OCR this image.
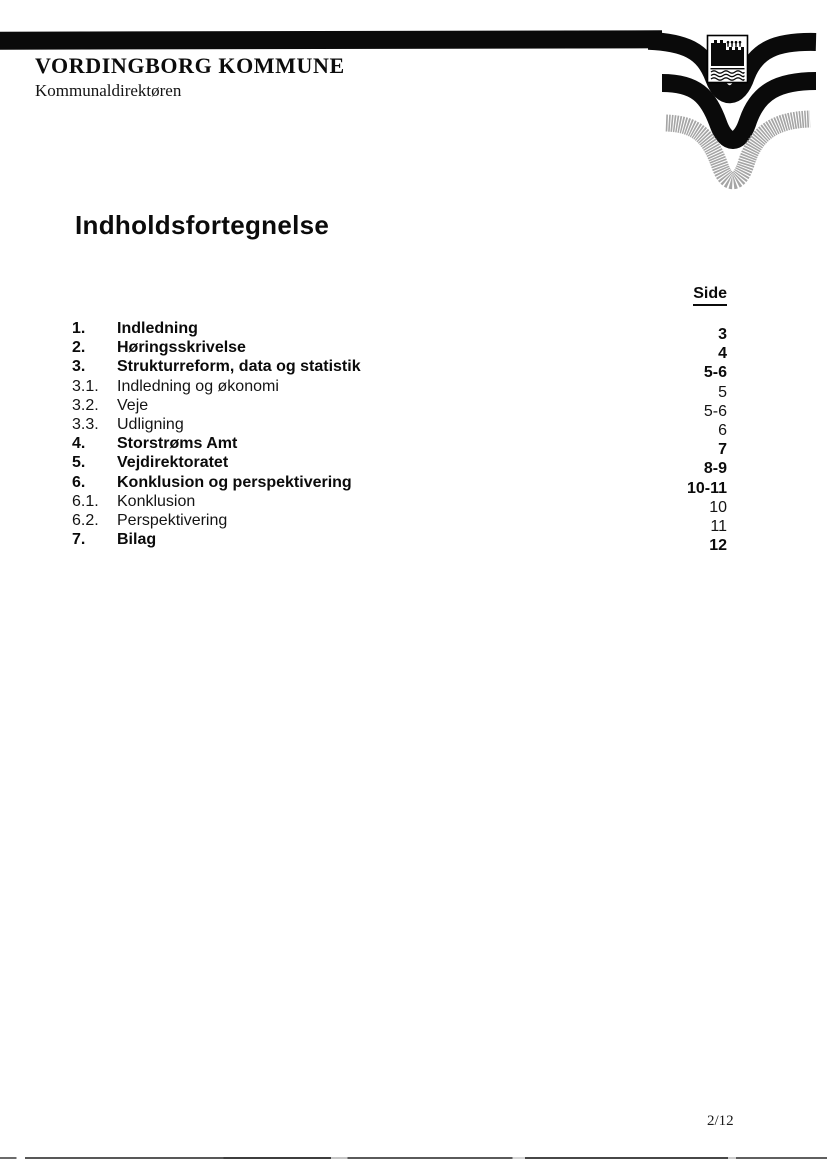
VORDINGBORG KOMMUNE
Kommunaldirektøren
Indholdsfortegnelse
Side
1.	Indledning	3
2.	Høringsskrivelse	4
3.	Strukturreform, data og statistik	5-6
3.1.	Indledning og økonomi	5
3.2.	Veje	5-6
3.3.	Udligning	6
4.	Storstrøms Amt	7
5.	Vejdirektoratet	8-9
6.	Konklusion og perspektivering	10-11
6.1.	Konklusion	10
6.2.	Perspektivering	11
7.	Bilag	12
2/12
